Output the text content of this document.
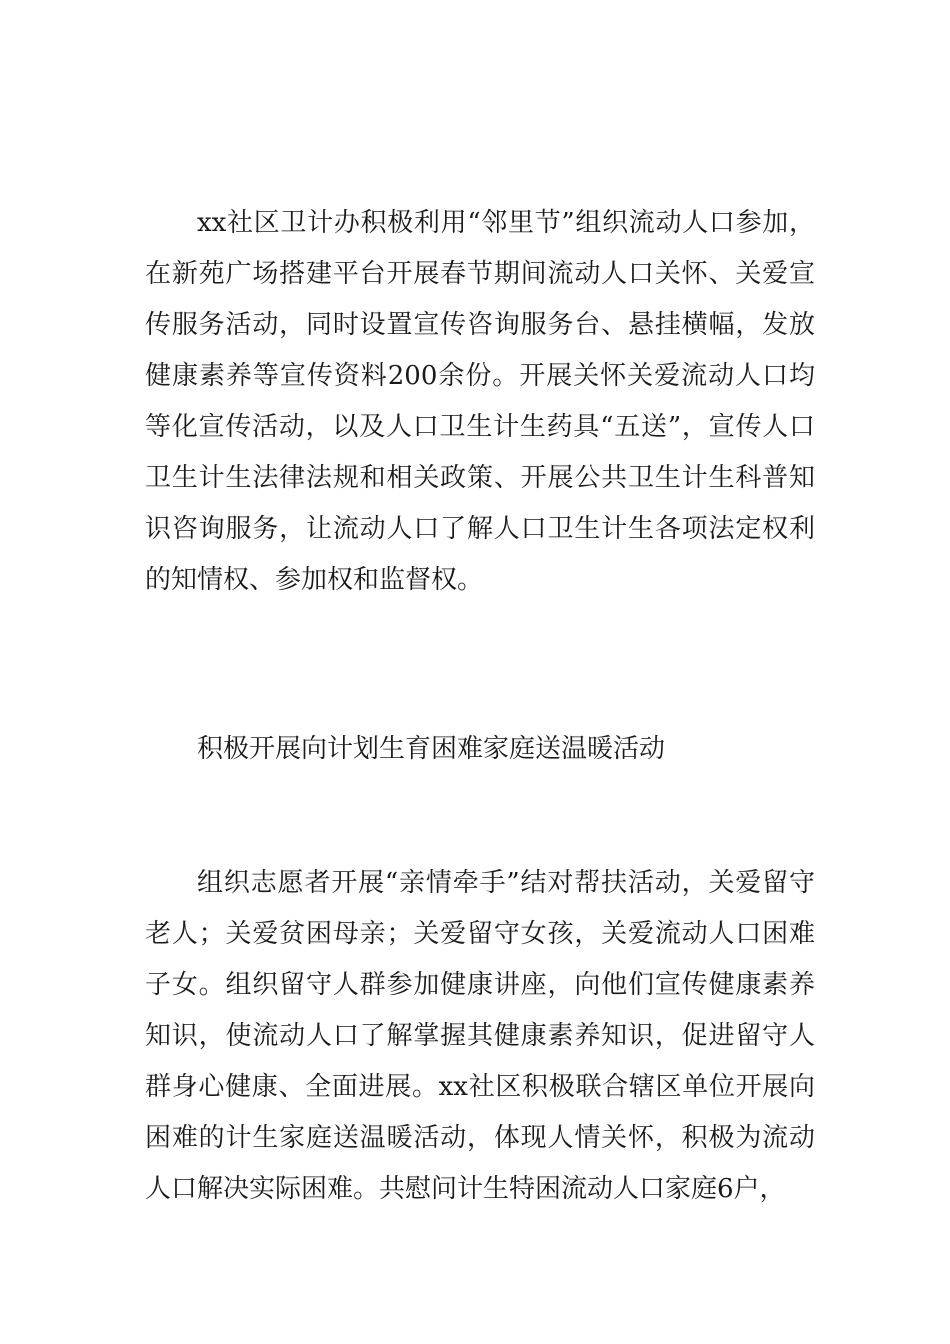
xx社区卫计办积极利用“邻里节”组织流动人口参加，在新苑广场搭建平台开展春节期间流动人口关怀、关爱宣传服务活动，同时设置宣传咨询服务台、悬挂横幅，发放健康素养等宣传资料200余份。开展关怀关爱流动人口均等化宣传活动，以及人口卫生计生药具“五送”，宣传人口卫生计生法律法规和相关政策、开展公共卫生计生科普知识咨询服务，让流动人口了解人口卫生计生各项法定权利的知情权、参加权和监督权。

积极开展向计划生育困难家庭送温暖活动

组织志愿者开展“亲情牵手”结对帮扶活动，关爱留守老人；关爱贫困母亲；关爱留守女孩，关爱流动人口困难子女。组织留守人群参加健康讲座，向他们宣传健康素养知识，使流动人口了解掌握其健康素养知识，促进留守人群身心健康、全面进展。xx社区积极联合辖区单位开展向困难的计生家庭送温暖活动，体现人情关怀，积极为流动人口解决实际困难。共慰问计生特困流动人口家庭6户，
